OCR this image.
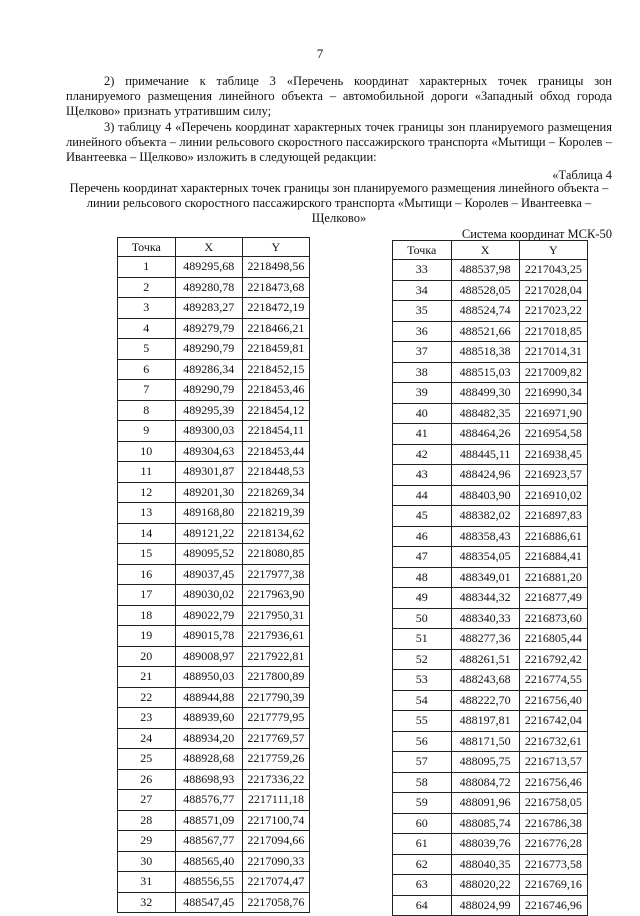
7
2) примечание к таблице 3 «Перечень координат характерных точек границы зон планируемого размещения линейного объекта – автомобильной дороги «Западный обход города Щелково» признать утратившим силу;
3) таблицу 4 «Перечень координат характерных точек границы зон планируемого размещения линейного объекта – линии рельсового скоростного пассажирского транспорта «Мытищи – Королев – Ивантеевка – Щелково» изложить в следующей редакции:
«Таблица 4
Перечень координат характерных точек границы зон планируемого размещения линейного объекта – линии рельсового скоростного пассажирского транспорта «Мытищи – Королев – Ивантеевка – Щелково»
Система координат МСК-50
Точка	X	Y
1	489295,68	2218498,56
2	489280,78	2218473,68
3	489283,27	2218472,19
4	489279,79	2218466,21
5	489290,79	2218459,81
6	489286,34	2218452,15
7	489290,79	2218453,46
8	489295,39	2218454,12
9	489300,03	2218454,11
10	489304,63	2218453,44
11	489301,87	2218448,53
12	489201,30	2218269,34
13	489168,80	2218219,39
14	489121,22	2218134,62
15	489095,52	2218080,85
16	489037,45	2217977,38
17	489030,02	2217963,90
18	489022,79	2217950,31
19	489015,78	2217936,61
20	489008,97	2217922,81
21	488950,03	2217800,89
22	488944,88	2217790,39
23	488939,60	2217779,95
24	488934,20	2217769,57
25	488928,68	2217759,26
26	488698,93	2217336,22
27	488576,77	2217111,18
28	488571,09	2217100,74
29	488567,77	2217094,66
30	488565,40	2217090,33
31	488556,55	2217074,47
32	488547,45	2217058,76
Точка	X	Y
33	488537,98	2217043,25
34	488528,05	2217028,04
35	488524,74	2217023,22
36	488521,66	2217018,85
37	488518,38	2217014,31
38	488515,03	2217009,82
39	488499,30	2216990,34
40	488482,35	2216971,90
41	488464,26	2216954,58
42	488445,11	2216938,45
43	488424,96	2216923,57
44	488403,90	2216910,02
45	488382,02	2216897,83
46	488358,43	2216886,61
47	488354,05	2216884,41
48	488349,01	2216881,20
49	488344,32	2216877,49
50	488340,33	2216873,60
51	488277,36	2216805,44
52	488261,51	2216792,42
53	488243,68	2216774,55
54	488222,70	2216756,40
55	488197,81	2216742,04
56	488171,50	2216732,61
57	488095,75	2216713,57
58	488084,72	2216756,46
59	488091,96	2216758,05
60	488085,74	2216786,38
61	488039,76	2216776,28
62	488040,35	2216773,58
63	488020,22	2216769,16
64	488024,99	2216746,96
